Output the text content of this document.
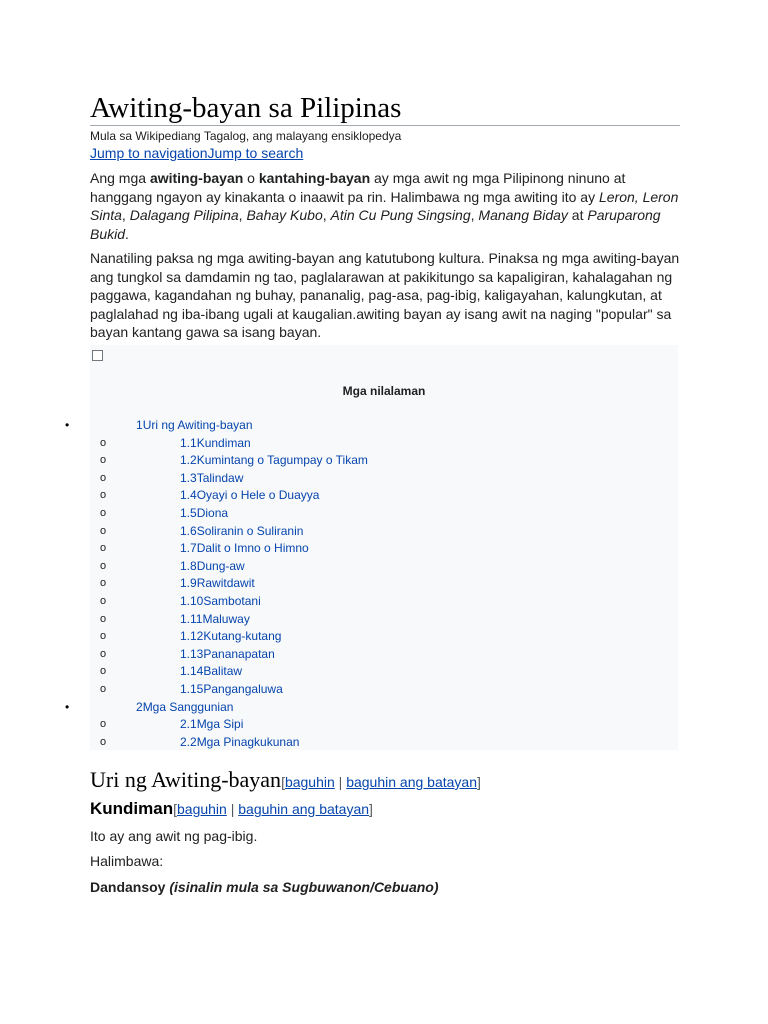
Awiting-bayan sa Pilipinas
Mula sa Wikipediang Tagalog, ang malayang ensiklopedya
Jump to navigationJump to search

Ang mga awiting-bayan o kantahing-bayan ay mga awit ng mga Pilipinong ninuno at hanggang ngayon ay kinakanta o inaawit pa rin. Halimbawa ng mga awiting ito ay Leron, Leron Sinta, Dalagang Pilipina, Bahay Kubo, Atin Cu Pung Singsing, Manang Biday at Paruparong Bukid.

Nanatiling paksa ng mga awiting-bayan ang katutubong kultura. Pinaksa ng mga awiting-bayan ang tungkol sa damdamin ng tao, paglalarawan at pakikitungo sa kapaligiran, kahalagahan ng paggawa, kagandahan ng buhay, pananalig, pag-asa, pag-ibig, kaligayahan, kalungkutan, at paglalahad ng iba-ibang ugali at kaugalian.awiting bayan ay isang awit na naging "popular" sa bayan kantang gawa sa isang bayan.

Mga nilalaman
•	1Uri ng Awiting-bayan
o	1.1Kundiman
o	1.2Kumintang o Tagumpay o Tikam
o	1.3Talindaw
o	1.4Oyayi o Hele o Duayya
o	1.5Diona
o	1.6Soliranin o Suliranin
o	1.7Dalit o Imno o Himno
o	1.8Dung-aw
o	1.9Rawitdawit
o	1.10Sambotani
o	1.11Maluway
o	1.12Kutang-kutang
o	1.13Pananapatan
o	1.14Balitaw
o	1.15Pangangaluwa
•	2Mga Sanggunian
o	2.1Mga Sipi
o	2.2Mga Pinagkukunan
Uri ng Awiting-bayan[baguhin | baguhin ang batayan]
Kundiman[baguhin | baguhin ang batayan]

Ito ay ang awit ng pag-ibig.

Halimbawa:

Dandansoy (isinalin mula sa Sugbuwanon/Cebuano)
